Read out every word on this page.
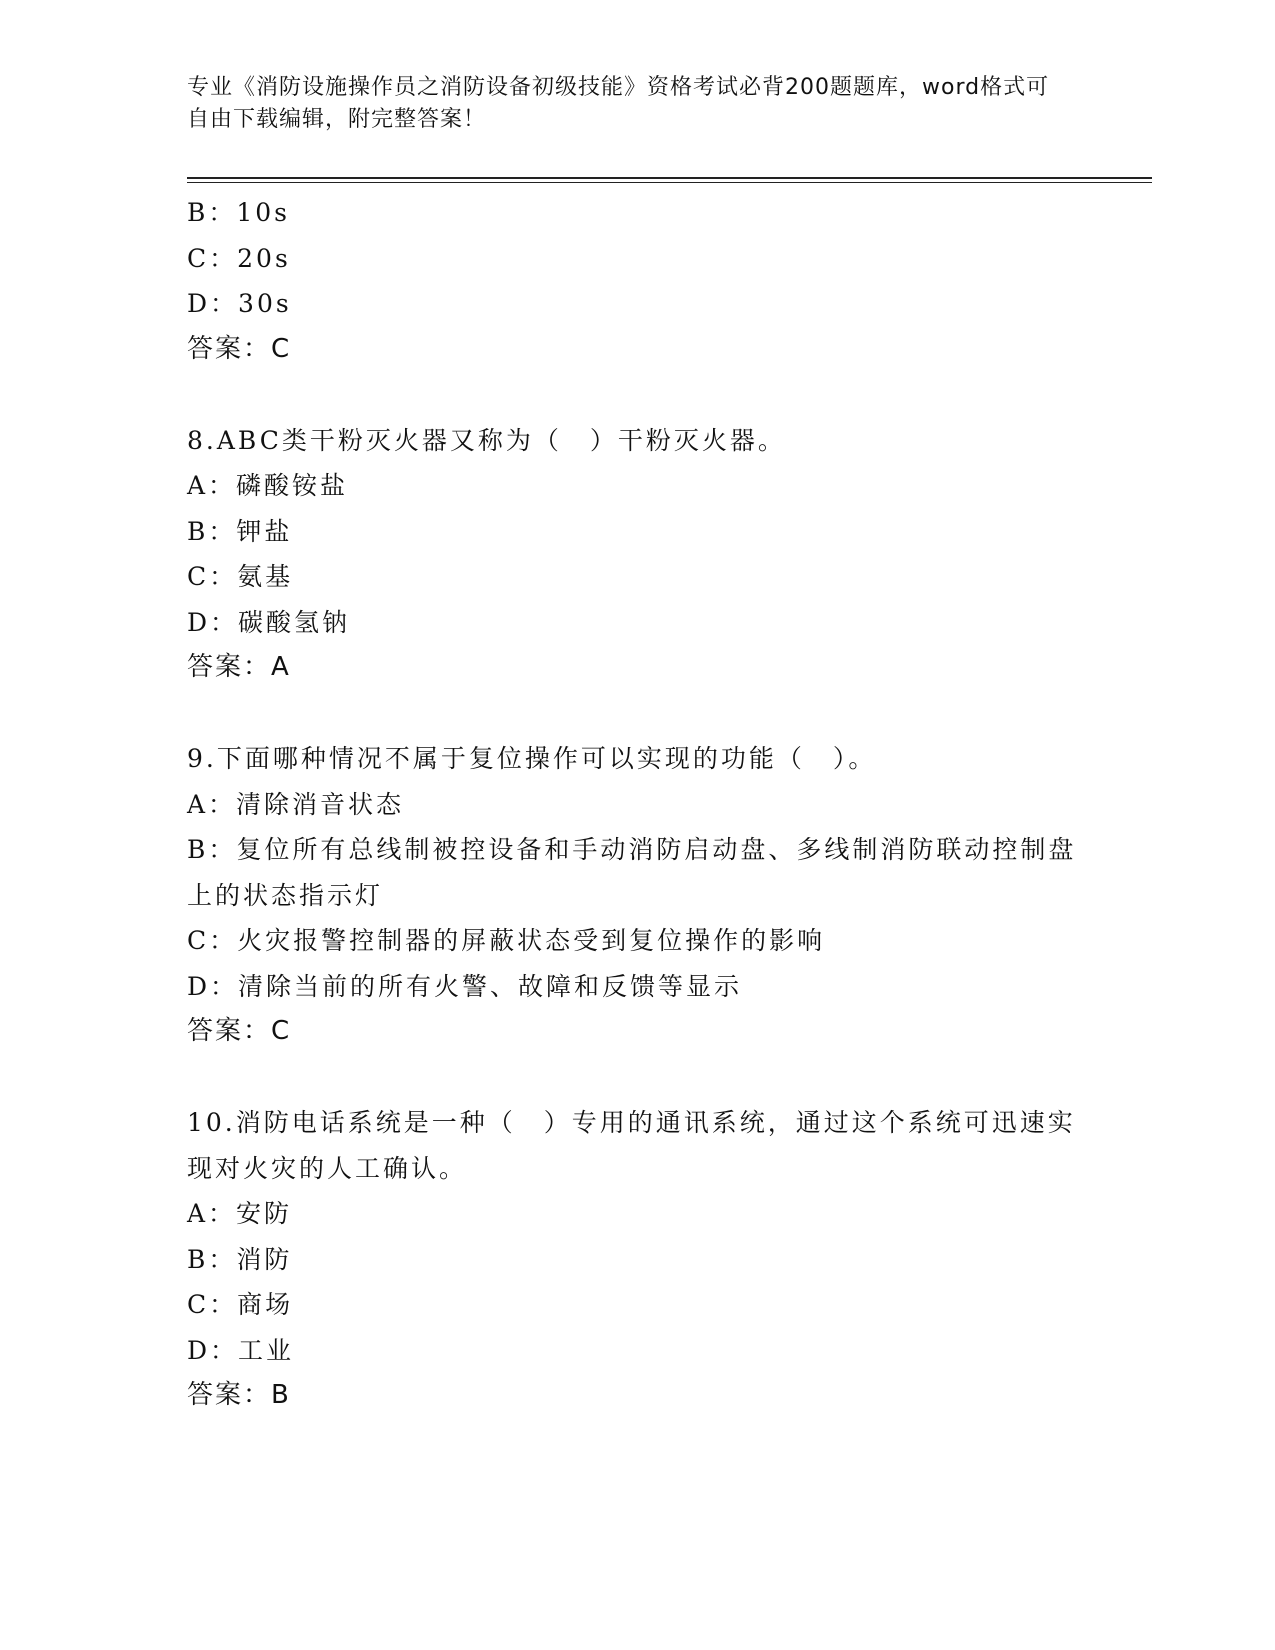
专业《消防设施操作员之消防设备初级技能》资格考试必背200题题库，word格式可自由下载编辑，附完整答案！
B：10s
C：20s
D：30s
答案：C
8.ABC类干粉灭火器又称为（　）干粉灭火器。
A：磷酸铵盐
B：钾盐
C：氨基
D：碳酸氢钠
答案：A
9.下面哪种情况不属于复位操作可以实现的功能（　）。
A：清除消音状态
B：复位所有总线制被控设备和手动消防启动盘、多线制消防联动控制盘上的状态指示灯
C：火灾报警控制器的屏蔽状态受到复位操作的影响
D：清除当前的所有火警、故障和反馈等显示
答案：C
10.消防电话系统是一种（　）专用的通讯系统，通过这个系统可迅速实现对火灾的人工确认。
A：安防
B：消防
C：商场
D：工业
答案：B
